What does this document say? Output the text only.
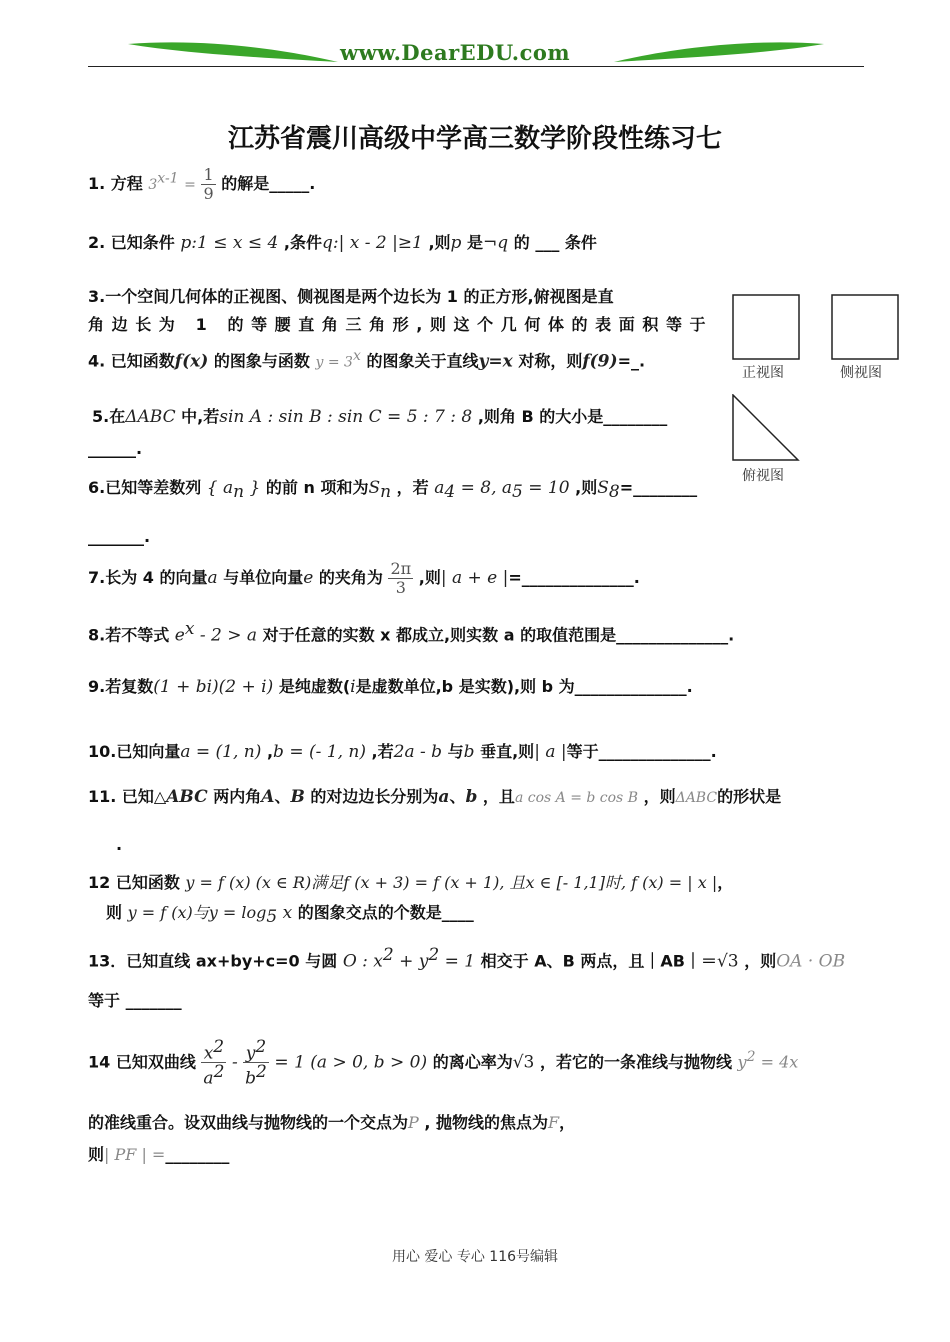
www.DearEDU.com
江苏省震川高级中学高三数学阶段性练习七
1. 方程 $3^{x-1} = \frac{1}{9}$ 的解是_____.
2. 已知条件 p:1 ≤ x ≤ 4 ,条件q:| x - 2 |≥1 ,则p 是¬q 的 ___ 条件
3.一个空间几何体的正视图、侧视图是两个边长为 1 的正方形,俯视图是直
角边长为 1 的等腰直角三角形,则这个几何体的表面积等于
4. 已知函数f(x) 的图象与函数 $y = 3^x$ 的图象关于直线y=x 对称，则f(9)=_.
5.在ΔABC 中,若sin A : sin B : sin C = 5 : 7 : 8 ,则角 B 的大小是________
______.
6.已知等差数列 { $a_n$ } 的前 n 项和为$S_n$ ，若 $a_4 = 8$, $a_5 = 10$ ,则$S_8=\_\_\_\_\_\_\_\_$
_______.
7.长为 4 的向量a 与单位向量e 的夹角为 $\frac{2\pi}{3}$ ,则| a + e |=______________.
8.若不等式 $e^x - 2 > a$ 对于任意的实数 x 都成立,则实数 a 的取值范围是______________.
9.若复数(1 + bi)(2 + i) 是纯虚数(i是虚数单位,b 是实数),则 b 为______________.
10.已知向量a = (1, n) ,b = (- 1, n) ,若2a - b 与b 垂直,则| a |等于______________.
11. 已知△ABC 两内角A、B 的对边边长分别为a、b ，且a cos A = b cos B ，则ΔABC的形状是
.
12 已知函数 y = f (x) (x ∈ R)满足f (x + 3) = f (x + 1), 且x ∈ [- 1,1]时, f (x) = | x |，
则 y = f (x)与$y = \log_5 x$ 的图象交点的个数是____
13．已知直线 ax+by+c=0 与圆 O : $x^2 + y^2 = 1$ 相交于 A、B 两点，且｜AB｜＝√3 ，则OA · OB
等于 _______
14 已知双曲线 $\frac{x^2}{a^2} - \frac{y^2}{b^2} = 1$ (a > 0, b > 0) 的离心率为√3 ，若它的一条准线与抛物线 $y^2 = 4x$
的准线重合。设双曲线与抛物线的一个交点为P , 抛物线的焦点为F，
则| PF | =________
正视图	侧视图
俯视图
用心 爱心 专心 116号编辑
